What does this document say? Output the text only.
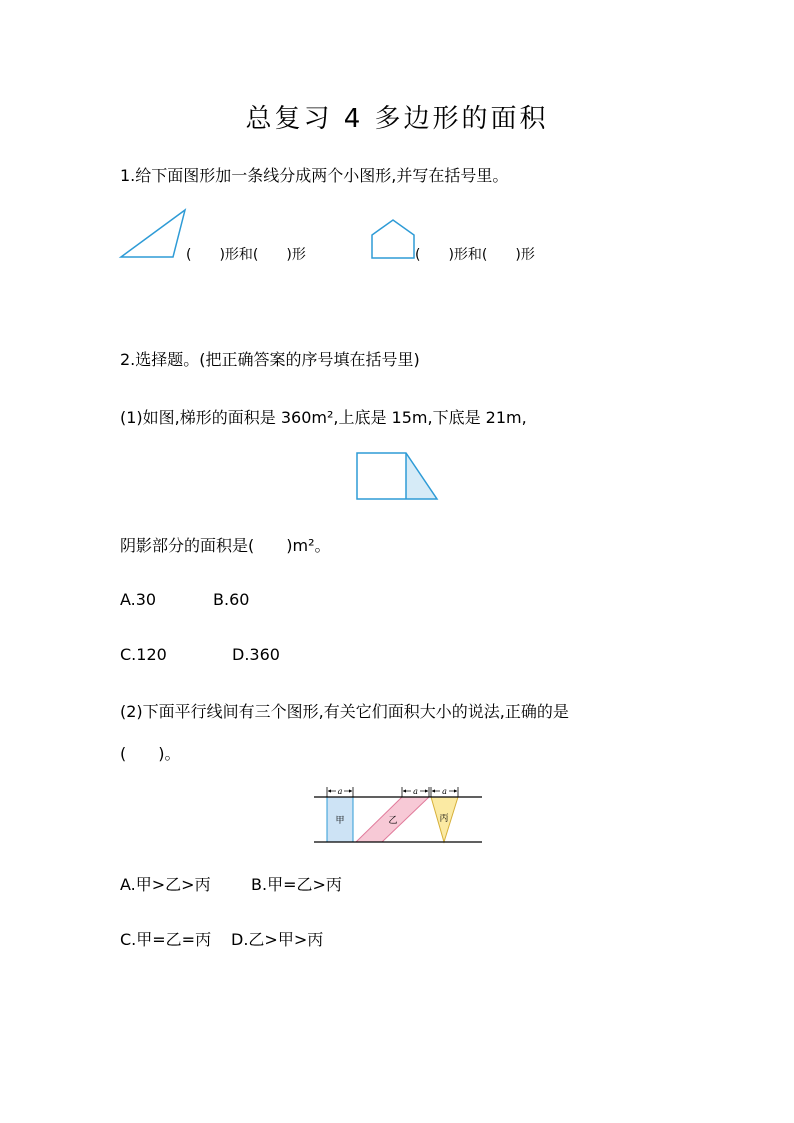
总复习 4 多边形的面积
1.给下面图形加一条线分成两个小图形,并写在括号里。
(　　)形和(　　)形	(　　)形和(　　)形
2.选择题。(把正确答案的序号填在括号里)
(1)如图,梯形的面积是 360m²,上底是 15m,下底是 21m,
阴影部分的面积是(　　)m²。
A.30	B.60
C.120	D.360
(2)下面平行线间有三个图形,有关它们面积大小的说法,正确的是
(　　)。
a	a	a
甲	乙	丙
A.甲>乙>丙	B.甲=乙>丙
C.甲=乙=丙 D.乙>甲>丙
